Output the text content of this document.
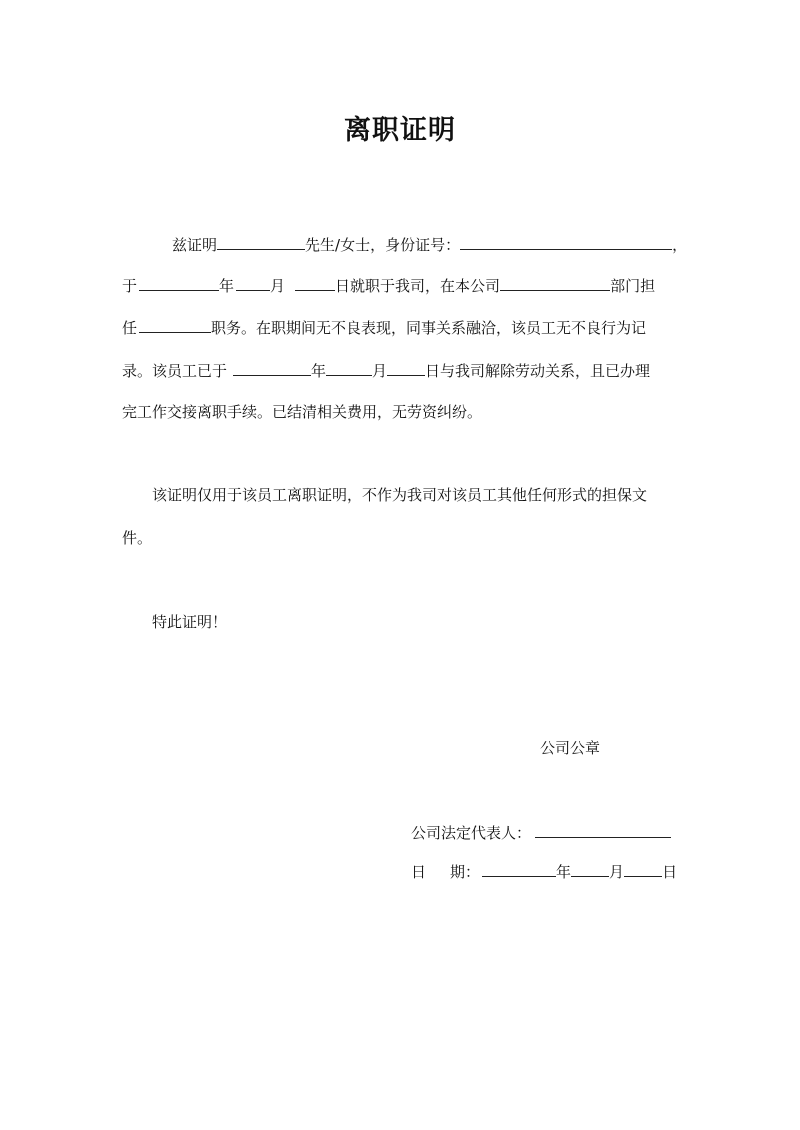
离职证明
兹证明	先生/女士，身份证号：	，
于	年 月	日就职于我司，在本公司	部门担
任	职务。在职期间无不良表现，同事关系融洽，该员工无不良行为记
录。该员工已于	年	月	日与我司解除劳动关系，且已办理
完工作交接离职手续。已结清相关费用，无劳资纠纷。
该证明仅用于该员工离职证明，不作为我司对该员工其他任何形式的担保文
件。
特此证明！
公司公章
公司法定代表人：
日 期：	年	月	日
